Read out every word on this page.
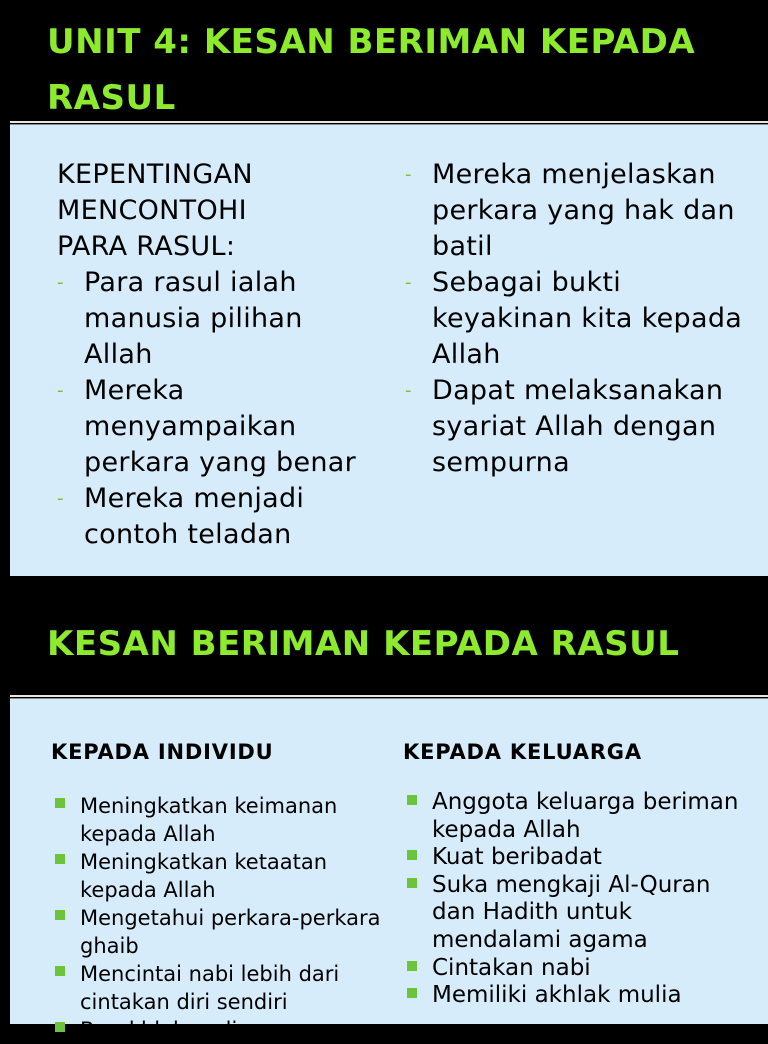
UNIT 4: KESAN BERIMAN KEPADA
RASUL
KEPENTINGAN
MENCONTOHI
PARA RASUL:
- Para rasul ialah manusia pilihan Allah
- Mereka menyampaikan perkara yang benar
- Mereka menjadi contoh teladan
- Mereka menjelaskan perkara yang hak dan batil
- Sebagai bukti keyakinan kita kepada Allah
- Dapat melaksanakan syariat Allah dengan sempurna
KESAN BERIMAN KEPADA RASUL
KEPADA INDIVIDU	KEPADA KELUARGA
Meningkatkan keimanan kepada Allah
Meningkatkan ketaatan kepada Allah
Mengetahui perkara-perkara ghaib
Mencintai nabi lebih dari cintakan diri sendiri
Berakhlak mulia
Anggota keluarga beriman kepada Allah
Kuat beribadat
Suka mengkaji Al-Quran dan Hadith untuk mendalami agama
Cintakan nabi
Memiliki akhlak mulia
